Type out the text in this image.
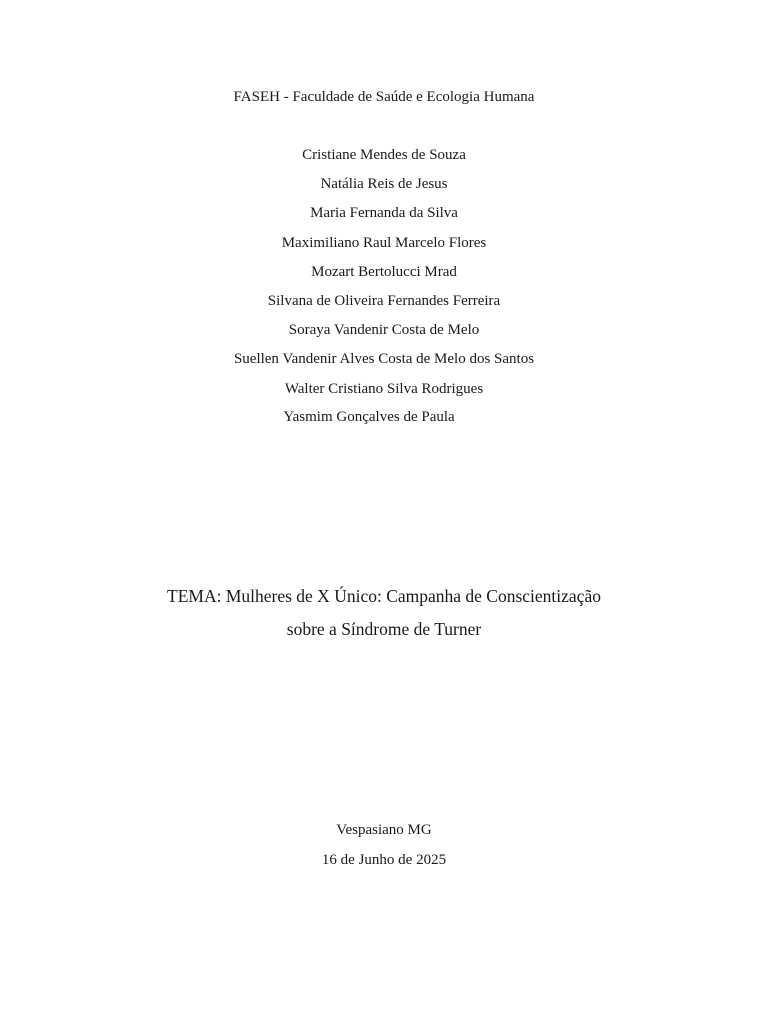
FASEH - Faculdade de Saúde e Ecologia Humana
Cristiane Mendes de Souza
Natália Reis de Jesus
Maria Fernanda da Silva
Maximiliano Raul Marcelo Flores
Mozart Bertolucci Mrad
Silvana de Oliveira Fernandes Ferreira
Soraya Vandenir Costa de Melo
Suellen Vandenir Alves Costa de Melo dos Santos
Walter Cristiano Silva Rodrigues
Yasmim Gonçalves de Paula
TEMA: Mulheres de X Único: Campanha de Conscientização
sobre a Síndrome de Turner
Vespasiano MG
16 de Junho de 2025
